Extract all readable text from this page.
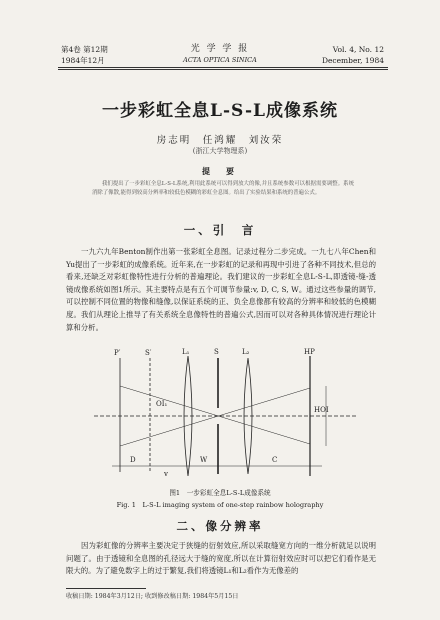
第4卷 第12期
1984年12月
光 学 学 报
ACTA OPTICA SINICA
Vol. 4, No. 12
December, 1984
一步彩虹全息L-S-L成像系统
房志明　任鸿耀　刘汝荣
(浙江大学物理系)
提　要
我们提出了一步彩虹全息L-S-L系统,利用此系统可以得到放大的像,并且系统参数可以根据需要调整。系统消除了像散,能得到较高分辨率和较低色模糊的彩虹全息图。给出了实验结果和系统的普遍公式。
一、引　言
一九六九年Benton制作出第一张彩虹全息图。记录过程分二步完成。一九七八年Chen和Yu提出了一步彩虹的成像系统。近年来,在一步彩虹的记录和再现中引进了各种不同技术,但总的看来,还缺乏对彩虹像特性进行分析的普遍理论。我们建议的一步彩虹全息L-S-L,即透镜-缝-透镜成像系统如图1所示。其主要特点是有五个可调节参量:v, D, C, S, W。通过这些参量的调节,可以控制不同位置的物像和缝像,以保证系统的正、负全息像都有较高的分辨率和较低的色模糊度。我们从理论上推导了有关系统全息像特性的普遍公式,因而可以对各种具体情况进行理论计算和分析。
P′	S′	L₁	S	L₂	HP
D	W	C
v
HOI
OI₁
图1　一步彩虹全息L-S-L成像系统
Fig. 1　L-S-L imaging system of one-step rainbow holography
二、像分辨率
因为彩虹像的分辨率主要决定于狭缝的衍射效应,所以采取缝宽方向的一维分析就足以说明问题了。由于透镜和全息图的孔径远大于缝的宽度,所以在计算衍射效应时可以把它们看作是无限大的。为了避免数字上的过于繁复,我们将透镜L₁和L₂看作为无像差的
收稿日期: 1984年3月12日; 收到修改稿日期: 1984年5月15日
